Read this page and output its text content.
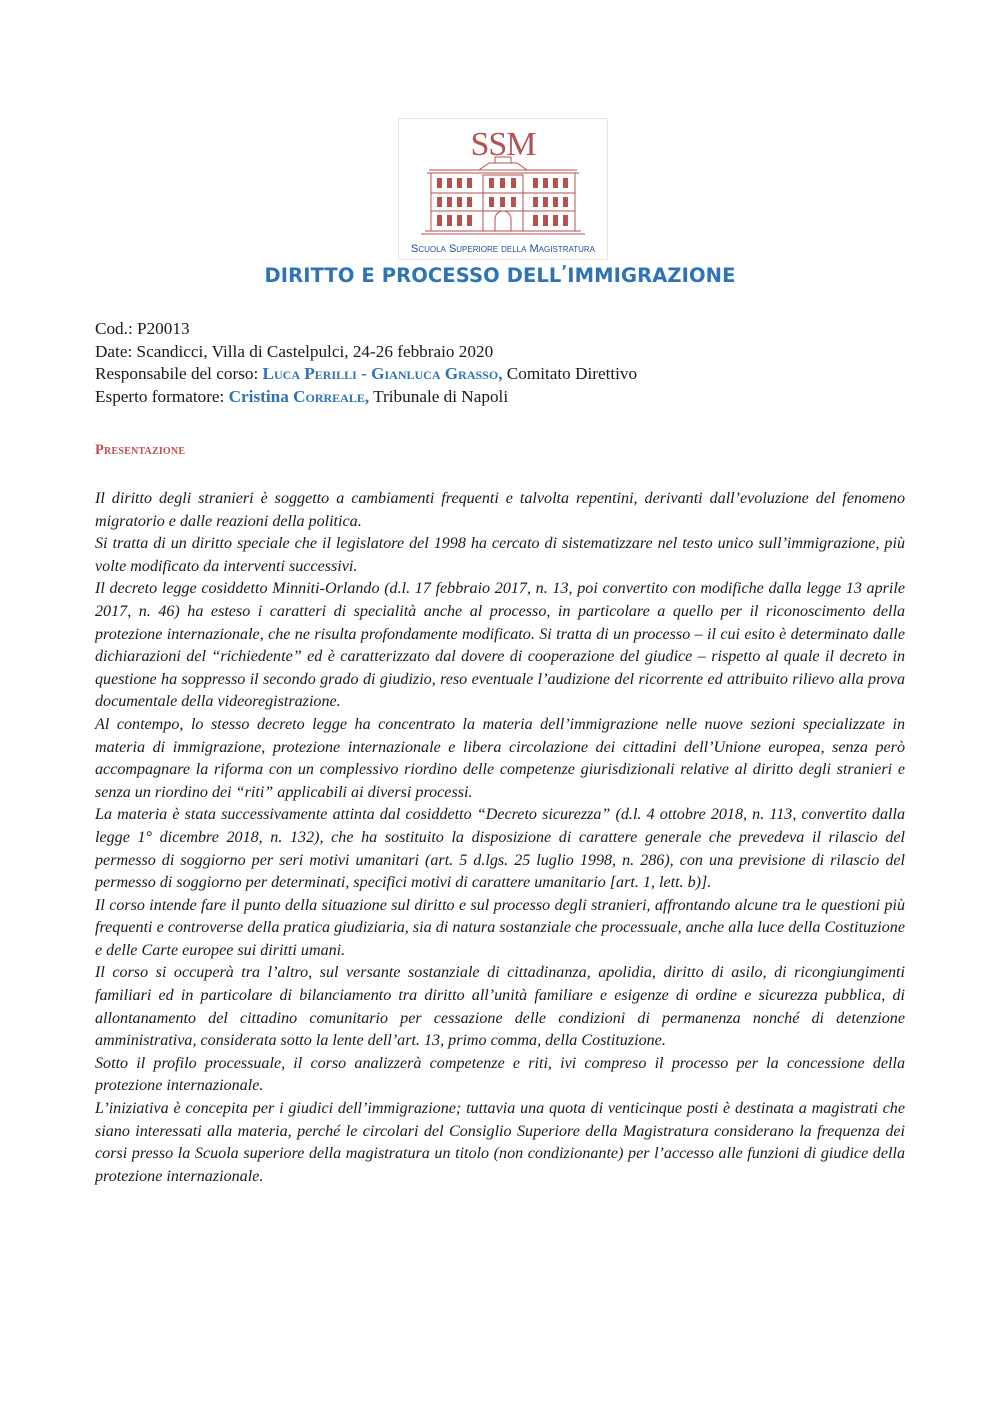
SSM
Scuola Superiore della Magistratura
DIRITTO E PROCESSO DELL’IMMIGRAZIONE
Cod.: P20013
Date: Scandicci, Villa di Castelpulci, 24-26 febbraio 2020
Responsabile del corso: Luca Perilli - Gianluca Grasso, Comitato Direttivo
Esperto formatore: Cristina Correale, Tribunale di Napoli
Presentazione

Il diritto degli stranieri è soggetto a cambiamenti frequenti e talvolta repentini, derivanti dall’evoluzione del fenomeno migratorio e dalle reazioni della politica.

Si tratta di un diritto speciale che il legislatore del 1998 ha cercato di sistematizzare nel testo unico sull’immigrazione, più volte modificato da interventi successivi.

Il decreto legge cosiddetto Minniti-Orlando (d.l. 17 febbraio 2017, n. 13, poi convertito con modifiche dalla legge 13 aprile 2017, n. 46) ha esteso i caratteri di specialità anche al processo, in particolare a quello per il riconoscimento della protezione internazionale, che ne risulta profondamente modificato. Si tratta di un processo – il cui esito è determinato dalle dichiarazioni del “richiedente” ed è caratterizzato dal dovere di cooperazione del giudice – rispetto al quale il decreto in questione ha soppresso il secondo grado di giudizio, reso eventuale l’audizione del ricorrente ed attribuito rilievo alla prova documentale della videoregistrazione.

Al contempo, lo stesso decreto legge ha concentrato la materia dell’immigrazione nelle nuove sezioni specializzate in materia di immigrazione, protezione internazionale e libera circolazione dei cittadini dell’Unione europea, senza però accompagnare la riforma con un complessivo riordino delle competenze giurisdizionali relative al diritto degli stranieri e senza un riordino dei “riti” applicabili ai diversi processi.

La materia è stata successivamente attinta dal cosiddetto “Decreto sicurezza” (d.l. 4 ottobre 2018, n. 113, convertito dalla legge 1° dicembre 2018, n. 132), che ha sostituito la disposizione di carattere generale che prevedeva il rilascio del permesso di soggiorno per seri motivi umanitari (art. 5 d.lgs. 25 luglio 1998, n. 286), con una previsione di rilascio del permesso di soggiorno per determinati, specifici motivi di carattere umanitario [art. 1, lett. b)].

Il corso intende fare il punto della situazione sul diritto e sul processo degli stranieri, affrontando alcune tra le questioni più frequenti e controverse della pratica giudiziaria, sia di natura sostanziale che processuale, anche alla luce della Costituzione e delle Carte europee sui diritti umani.

Il corso si occuperà tra l’altro, sul versante sostanziale di cittadinanza, apolidia, diritto di asilo, di ricongiungimenti familiari ed in particolare di bilanciamento tra diritto all’unità familiare e esigenze di ordine e sicurezza pubblica, di allontanamento del cittadino comunitario per cessazione delle condizioni di permanenza nonché di detenzione amministrativa, considerata sotto la lente dell’art. 13, primo comma, della Costituzione.

Sotto il profilo processuale, il corso analizzerà competenze e riti, ivi compreso il processo per la concessione della protezione internazionale.

L’iniziativa è concepita per i giudici dell’immigrazione; tuttavia una quota di venticinque posti è destinata a magistrati che siano interessati alla materia, perché le circolari del Consiglio Superiore della Magistratura considerano la frequenza dei corsi presso la Scuola superiore della magistratura un titolo (non condizionante) per l’accesso alle funzioni di giudice della protezione internazionale.
